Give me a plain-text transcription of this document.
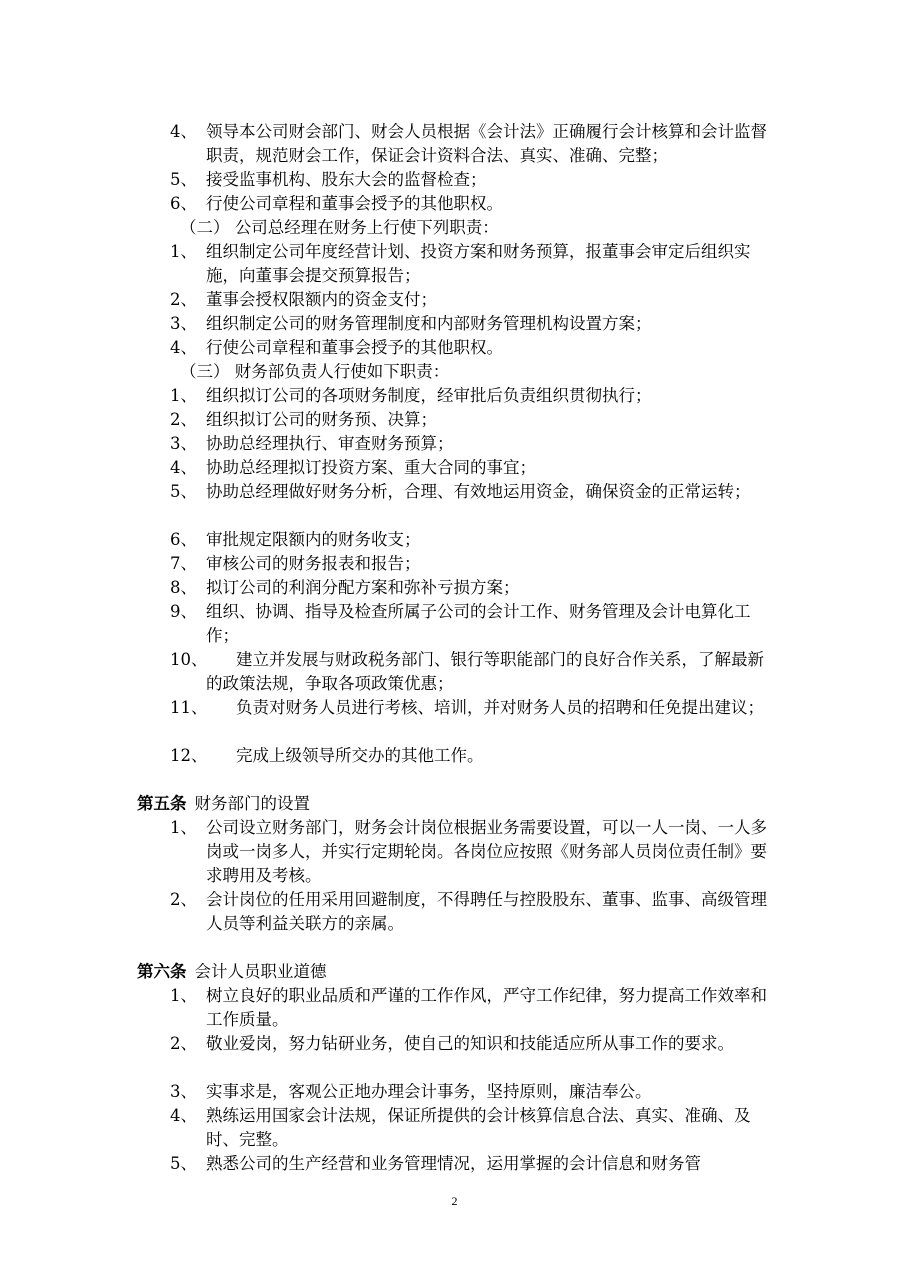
4、 领导本公司财会部门、财会人员根据《会计法》正确履行会计核算和会计监督职责，规范财会工作，保证会计资料合法、真实、准确、完整；
5、 接受监事机构、股东大会的监督检查；
6、 行使公司章程和董事会授予的其他职权。
（二） 公司总经理在财务上行使下列职责：
1、 组织制定公司年度经营计划、投资方案和财务预算，报董事会审定后组织实施，向董事会提交预算报告；
2、 董事会授权限额内的资金支付；
3、 组织制定公司的财务管理制度和内部财务管理机构设置方案；
4、 行使公司章程和董事会授予的其他职权。
（三） 财务部负责人行使如下职责：
1、 组织拟订公司的各项财务制度，经审批后负责组织贯彻执行；
2、 组织拟订公司的财务预、决算；
3、 协助总经理执行、审查财务预算；
4、 协助总经理拟订投资方案、重大合同的事宜；
5、 协助总经理做好财务分析，合理、有效地运用资金，确保资金的正常运转；
6、 审批规定限额内的财务收支；
7、 审核公司的财务报表和报告；
8、 拟订公司的利润分配方案和弥补亏损方案；
9、 组织、协调、指导及检查所属子公司的会计工作、财务管理及会计电算化工作；
10、	建立并发展与财政税务部门、银行等职能部门的良好合作关系，了解最新的政策法规，争取各项政策优惠；
11、	负责对财务人员进行考核、培训，并对财务人员的招聘和任免提出建议；
12、	完成上级领导所交办的其他工作。
第五条 财务部门的设置
1、 公司设立财务部门，财务会计岗位根据业务需要设置，可以一人一岗、一人多岗或一岗多人，并实行定期轮岗。各岗位应按照《财务部人员岗位责任制》要求聘用及考核。
2、 会计岗位的任用采用回避制度，不得聘任与控股股东、董事、监事、高级管理人员等利益关联方的亲属。
第六条 会计人员职业道德
1、 树立良好的职业品质和严谨的工作作风，严守工作纪律，努力提高工作效率和工作质量。
2、 敬业爱岗，努力钻研业务，使自己的知识和技能适应所从事工作的要求。
3、 实事求是，客观公正地办理会计事务，坚持原则，廉洁奉公。
4、 熟练运用国家会计法规，保证所提供的会计核算信息合法、真实、准确、及时、完整。
5、 熟悉公司的生产经营和业务管理情况，运用掌握的会计信息和财务管
2
